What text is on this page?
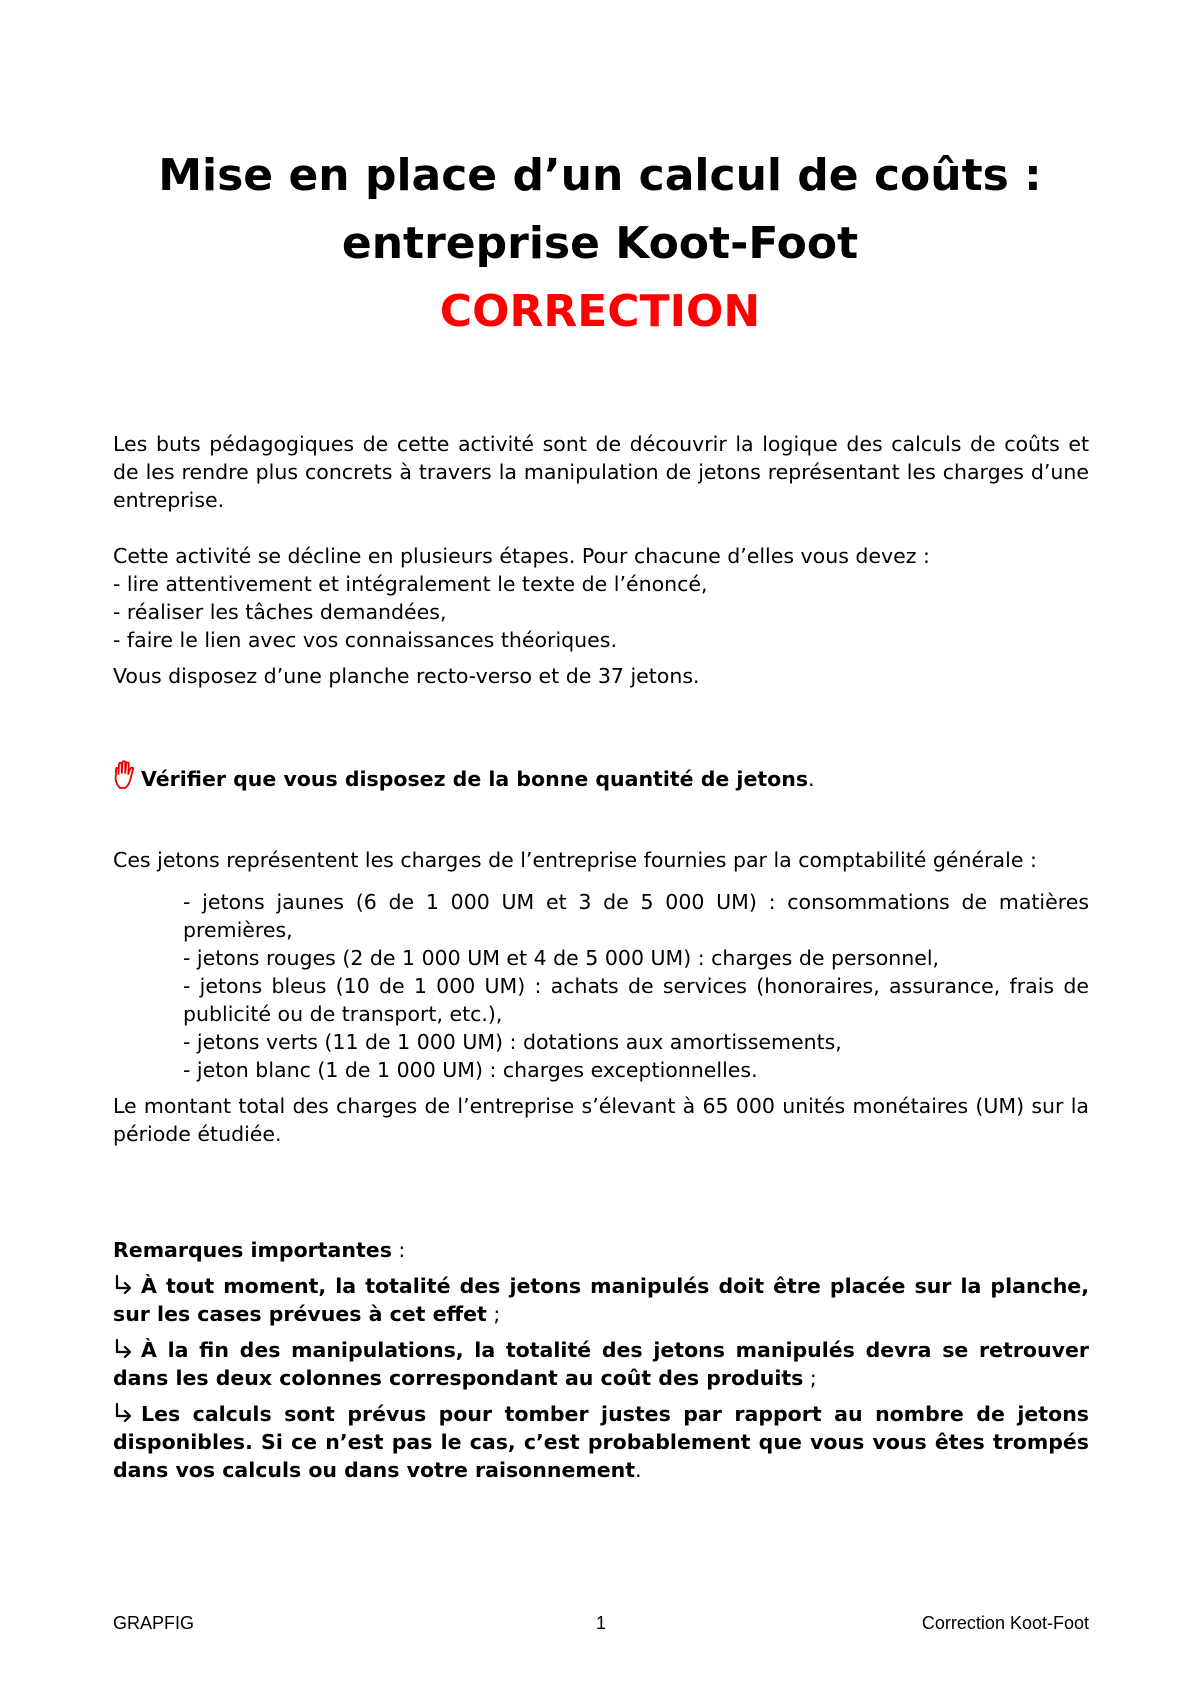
Mise en place d’un calcul de coûts :

entreprise Koot-Foot

CORRECTION

Les buts pédagogiques de cette activité sont de découvrir la logique des calculs de coûts et de les rendre plus concrets à travers la manipulation de jetons représentant les charges d’une entreprise.

Cette activité se décline en plusieurs étapes. Pour chacune d’elles vous devez :

- lire attentivement et intégralement le texte de l’énoncé,

- réaliser les tâches demandées,

- faire le lien avec vos connaissances théoriques.

Vous disposez d’une planche recto-verso et de 37 jetons.

Vérifier que vous disposez de la bonne quantité de jetons.

Ces jetons représentent les charges de l’entreprise fournies par la comptabilité générale :

- jetons jaunes (6 de 1 000 UM et 3 de 5 000 UM) : consommations de matières premières,

- jetons rouges (2 de 1 000 UM et 4 de 5 000 UM) : charges de personnel,

- jetons bleus (10 de 1 000 UM) : achats de services (honoraires, assurance, frais de publicité ou de transport, etc.),

- jetons verts (11 de 1 000 UM) : dotations aux amortissements,

- jeton blanc (1 de 1 000 UM) : charges exceptionnelles.

Le montant total des charges de l’entreprise s’élevant à 65 000 unités monétaires (UM) sur la période étudiée.

Remarques importantes :

À tout moment, la totalité des jetons manipulés doit être placée sur la planche, sur les cases prévues à cet effet ;

À la fin des manipulations, la totalité des jetons manipulés devra se retrouver dans les deux colonnes correspondant au coût des produits ;

Les calculs sont prévus pour tomber justes par rapport au nombre de jetons disponibles. Si ce n’est pas le cas, c’est probablement que vous vous êtes trompés dans vos calculs ou dans votre raisonnement.

GRAPFIG	1	Correction Koot-Foot
